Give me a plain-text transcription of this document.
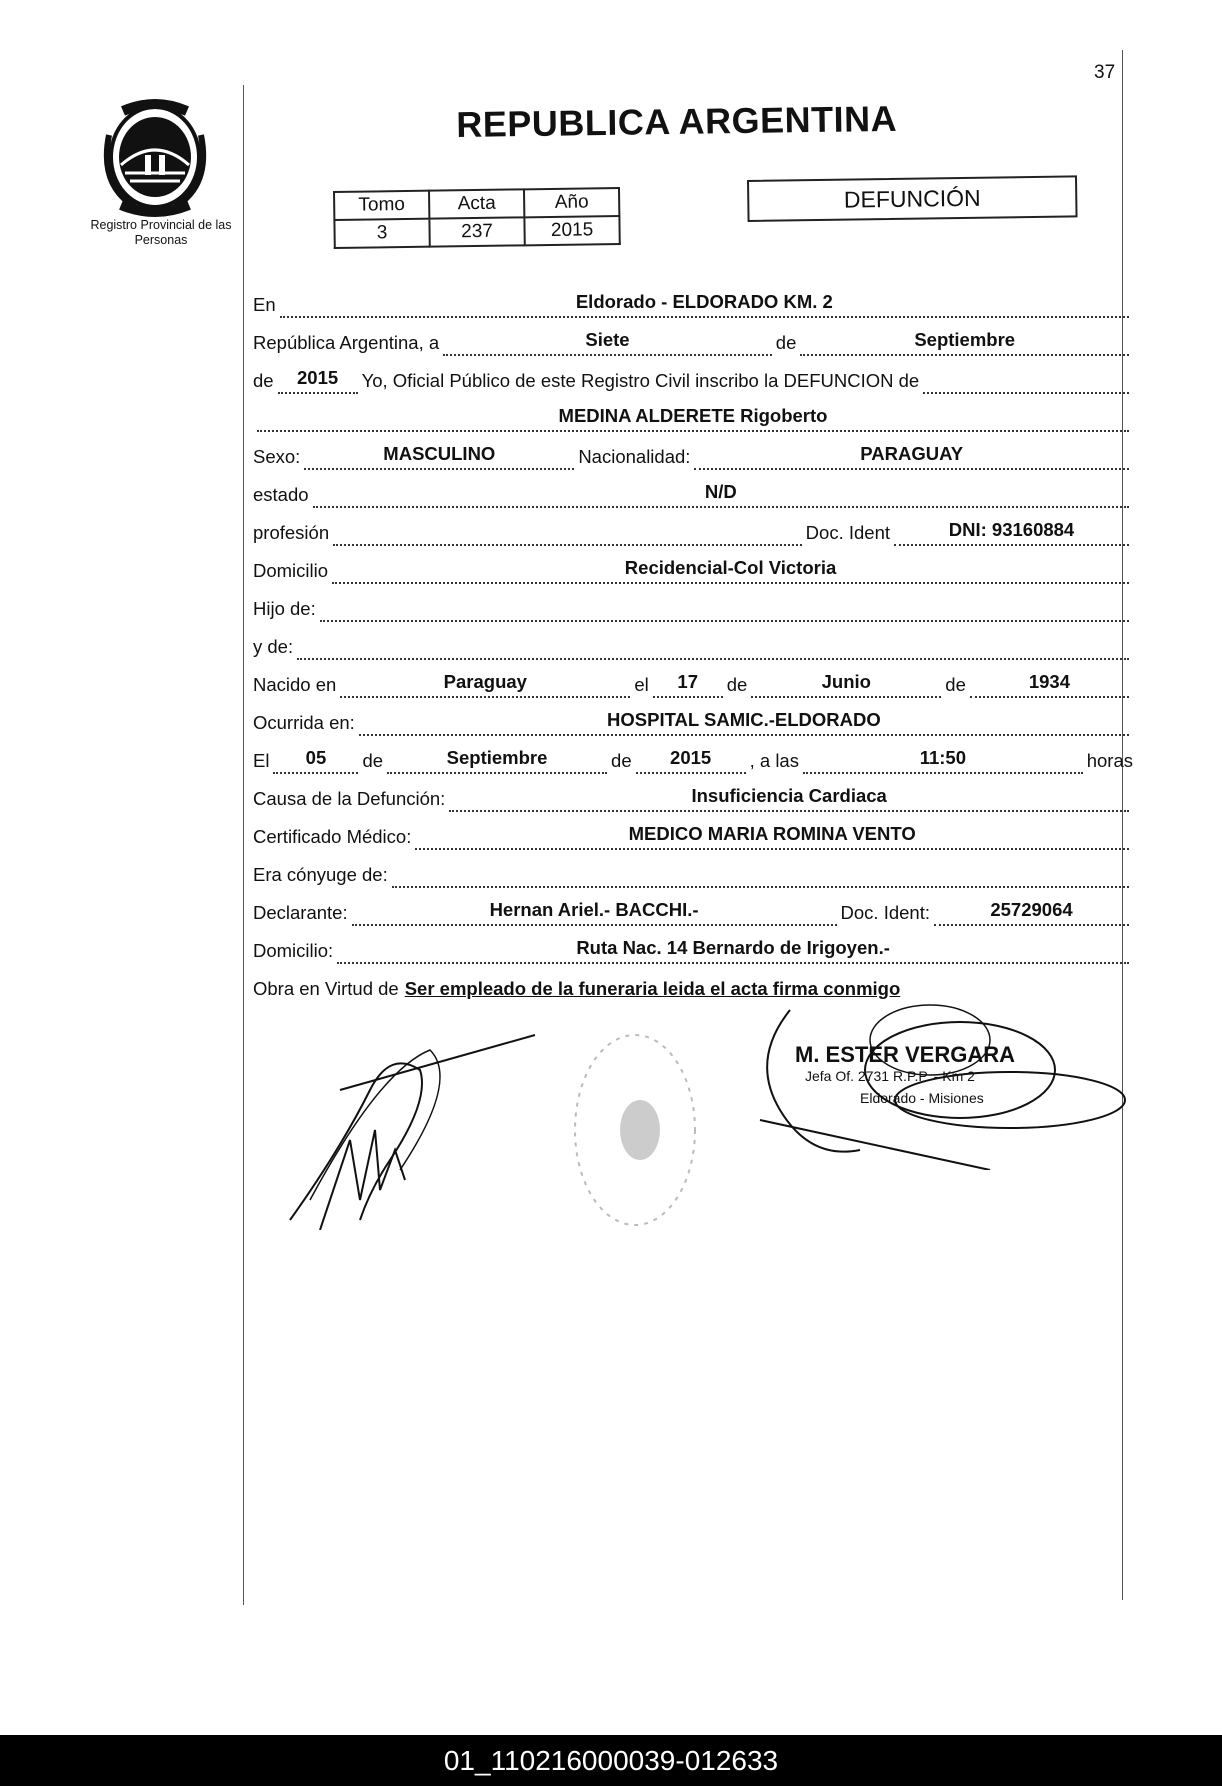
37
Registro Provincial de las Personas
REPUBLICA ARGENTINA
Tomo	Acta	Año
3	237	2015
DEFUNCIÓN
En	Eldorado - ELDORADO KM. 2
República Argentina, a	Siete	de	Septiembre
de	2015	Yo, Oficial Público de este Registro Civil inscribo la DEFUNCION de
MEDINA ALDERETE Rigoberto
Sexo:	MASCULINO	Nacionalidad:	PARAGUAY
estado	N/D
profesión	Doc. Ident	DNI: 93160884
Domicilio	Recidencial-Col Victoria
Hijo de:
y de:
Nacido en	Paraguay	el	17	de	Junio	de	1934
Ocurrida en:	HOSPITAL SAMIC.-ELDORADO
El	05	de	Septiembre	de	2015	, a las	11:50	horas
Causa de la Defunción:	Insuficiencia Cardiaca
Certificado Médico:	MEDICO MARIA ROMINA VENTO
Era cónyuge de:
Declarante:	Hernan Ariel.- BACCHI.-	Doc. Ident:	25729064
Domicilio:	Ruta Nac. 14 Bernardo de Irigoyen.-
Obra en Virtud de Ser empleado de la funeraria leida el acta firma conmigo
M. ESTER VERGARA
Jefa Of. 2731 R.P.P. - Km 2
Eldorado - Misiones
01_110216000039-012633
